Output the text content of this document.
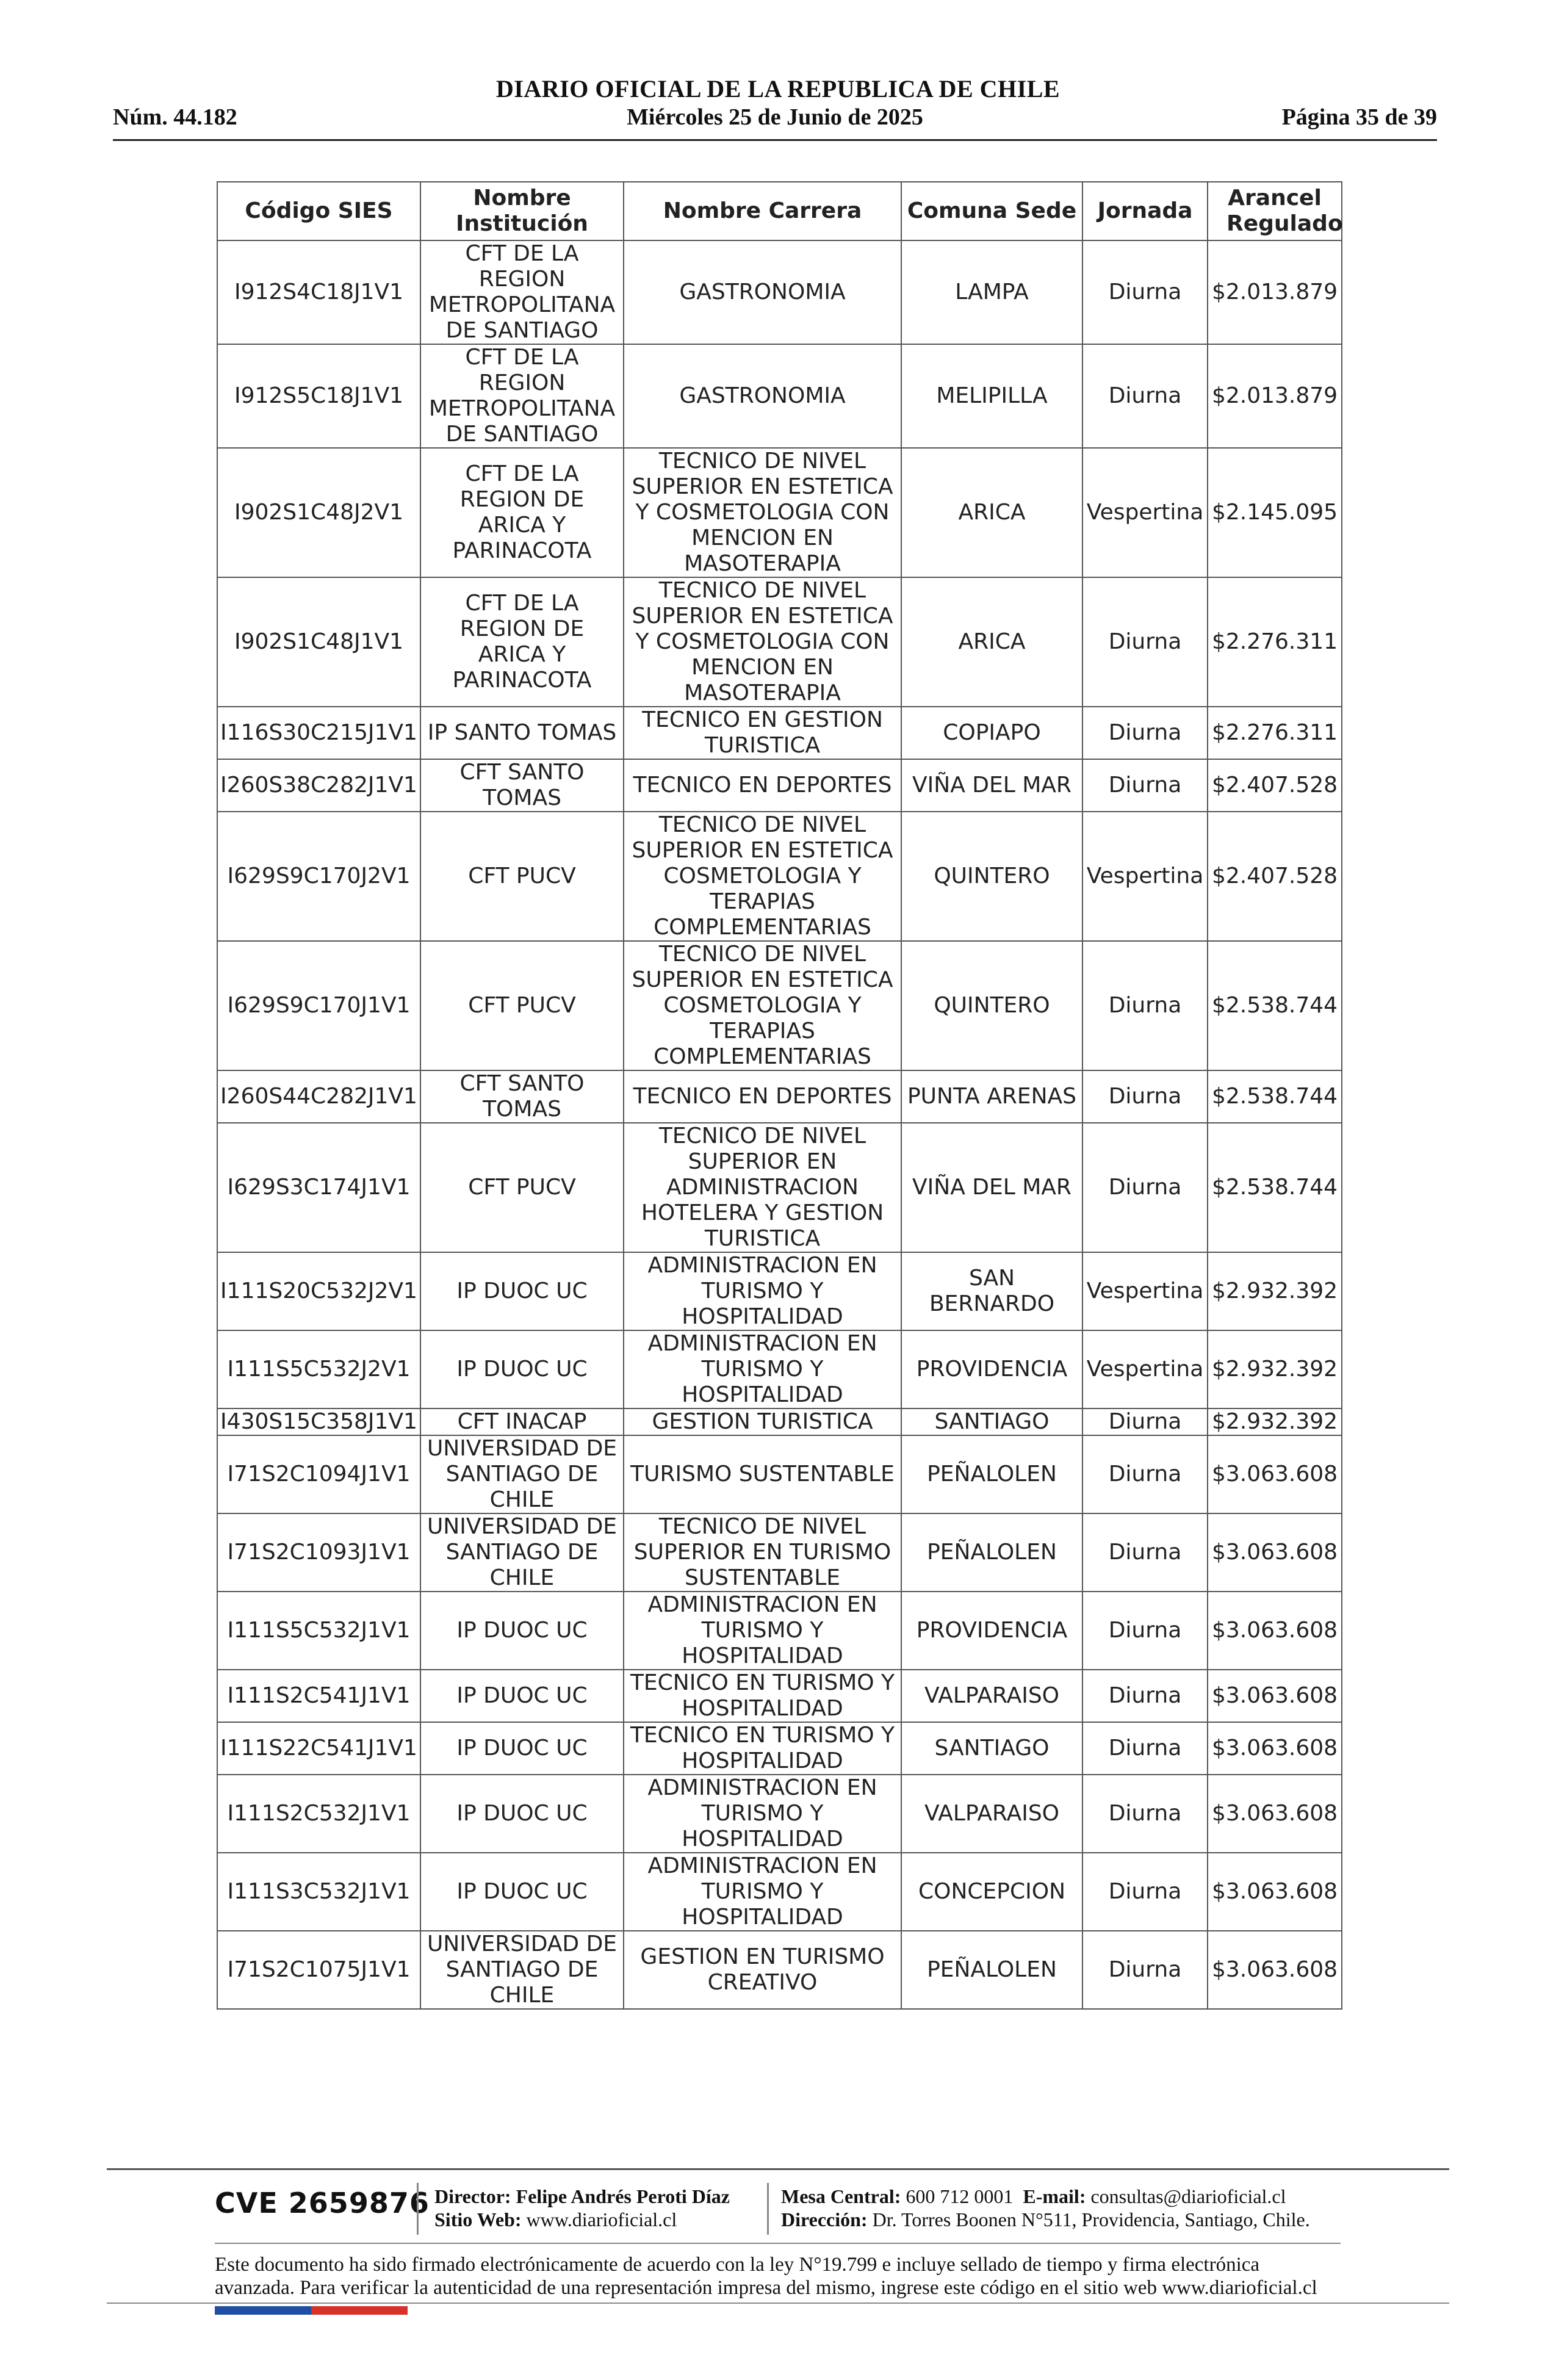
DIARIO OFICIAL DE LA REPUBLICA DE CHILE
Núm. 44.182	Miércoles 25 de Junio de 2025	Página 35 de 39
Código SIES	Nombre Institución	Nombre Carrera	Comuna Sede	Jornada	Arancel Regulado
I912S4C18J1V1	CFT DE LA REGION METROPOLITANA DE SANTIAGO	GASTRONOMIA	LAMPA	Diurna	$2.013.879
I912S5C18J1V1	CFT DE LA REGION METROPOLITANA DE SANTIAGO	GASTRONOMIA	MELIPILLA	Diurna	$2.013.879
I902S1C48J2V1	CFT DE LA REGION DE ARICA Y PARINACOTA	TECNICO DE NIVEL SUPERIOR EN ESTETICA Y COSMETOLOGIA CON MENCION EN MASOTERAPIA	ARICA	Vespertina	$2.145.095
I902S1C48J1V1	CFT DE LA REGION DE ARICA Y PARINACOTA	TECNICO DE NIVEL SUPERIOR EN ESTETICA Y COSMETOLOGIA CON MENCION EN MASOTERAPIA	ARICA	Diurna	$2.276.311
I116S30C215J1V1	IP SANTO TOMAS	TECNICO EN GESTION TURISTICA	COPIAPO	Diurna	$2.276.311
I260S38C282J1V1	CFT SANTO TOMAS	TECNICO EN DEPORTES	VIÑA DEL MAR	Diurna	$2.407.528
I629S9C170J2V1	CFT PUCV	TECNICO DE NIVEL SUPERIOR EN ESTETICA COSMETOLOGIA Y TERAPIAS COMPLEMENTARIAS	QUINTERO	Vespertina	$2.407.528
I629S9C170J1V1	CFT PUCV	TECNICO DE NIVEL SUPERIOR EN ESTETICA COSMETOLOGIA Y TERAPIAS COMPLEMENTARIAS	QUINTERO	Diurna	$2.538.744
I260S44C282J1V1	CFT SANTO TOMAS	TECNICO EN DEPORTES	PUNTA ARENAS	Diurna	$2.538.744
I629S3C174J1V1	CFT PUCV	TECNICO DE NIVEL SUPERIOR EN ADMINISTRACION HOTELERA Y GESTION TURISTICA	VIÑA DEL MAR	Diurna	$2.538.744
I111S20C532J2V1	IP DUOC UC	ADMINISTRACION EN TURISMO Y HOSPITALIDAD	SAN BERNARDO	Vespertina	$2.932.392
I111S5C532J2V1	IP DUOC UC	ADMINISTRACION EN TURISMO Y HOSPITALIDAD	PROVIDENCIA	Vespertina	$2.932.392
I430S15C358J1V1	CFT INACAP	GESTION TURISTICA	SANTIAGO	Diurna	$2.932.392
I71S2C1094J1V1	UNIVERSIDAD DE SANTIAGO DE CHILE	TURISMO SUSTENTABLE	PEÑALOLEN	Diurna	$3.063.608
I71S2C1093J1V1	UNIVERSIDAD DE SANTIAGO DE CHILE	TECNICO DE NIVEL SUPERIOR EN TURISMO SUSTENTABLE	PEÑALOLEN	Diurna	$3.063.608
I111S5C532J1V1	IP DUOC UC	ADMINISTRACION EN TURISMO Y HOSPITALIDAD	PROVIDENCIA	Diurna	$3.063.608
I111S2C541J1V1	IP DUOC UC	TECNICO EN TURISMO Y HOSPITALIDAD	VALPARAISO	Diurna	$3.063.608
I111S22C541J1V1	IP DUOC UC	TECNICO EN TURISMO Y HOSPITALIDAD	SANTIAGO	Diurna	$3.063.608
I111S2C532J1V1	IP DUOC UC	ADMINISTRACION EN TURISMO Y HOSPITALIDAD	VALPARAISO	Diurna	$3.063.608
I111S3C532J1V1	IP DUOC UC	ADMINISTRACION EN TURISMO Y HOSPITALIDAD	CONCEPCION	Diurna	$3.063.608
I71S2C1075J1V1	UNIVERSIDAD DE SANTIAGO DE CHILE	GESTION EN TURISMO CREATIVO	PEÑALOLEN	Diurna	$3.063.608
CVE 2659876 Director: Felipe Andrés Peroti Díaz
Sitio Web: www.diarioficial.cl
Mesa Central: 600 712 0001 E-mail: consultas@diarioficial.cl
Dirección: Dr. Torres Boonen N°511, Providencia, Santiago, Chile.
Este documento ha sido firmado electrónicamente de acuerdo con la ley N°19.799 e incluye sellado de tiempo y firma electrónica avanzada. Para verificar la autenticidad de una representación impresa del mismo, ingrese este código en el sitio web www.diarioficial.cl
